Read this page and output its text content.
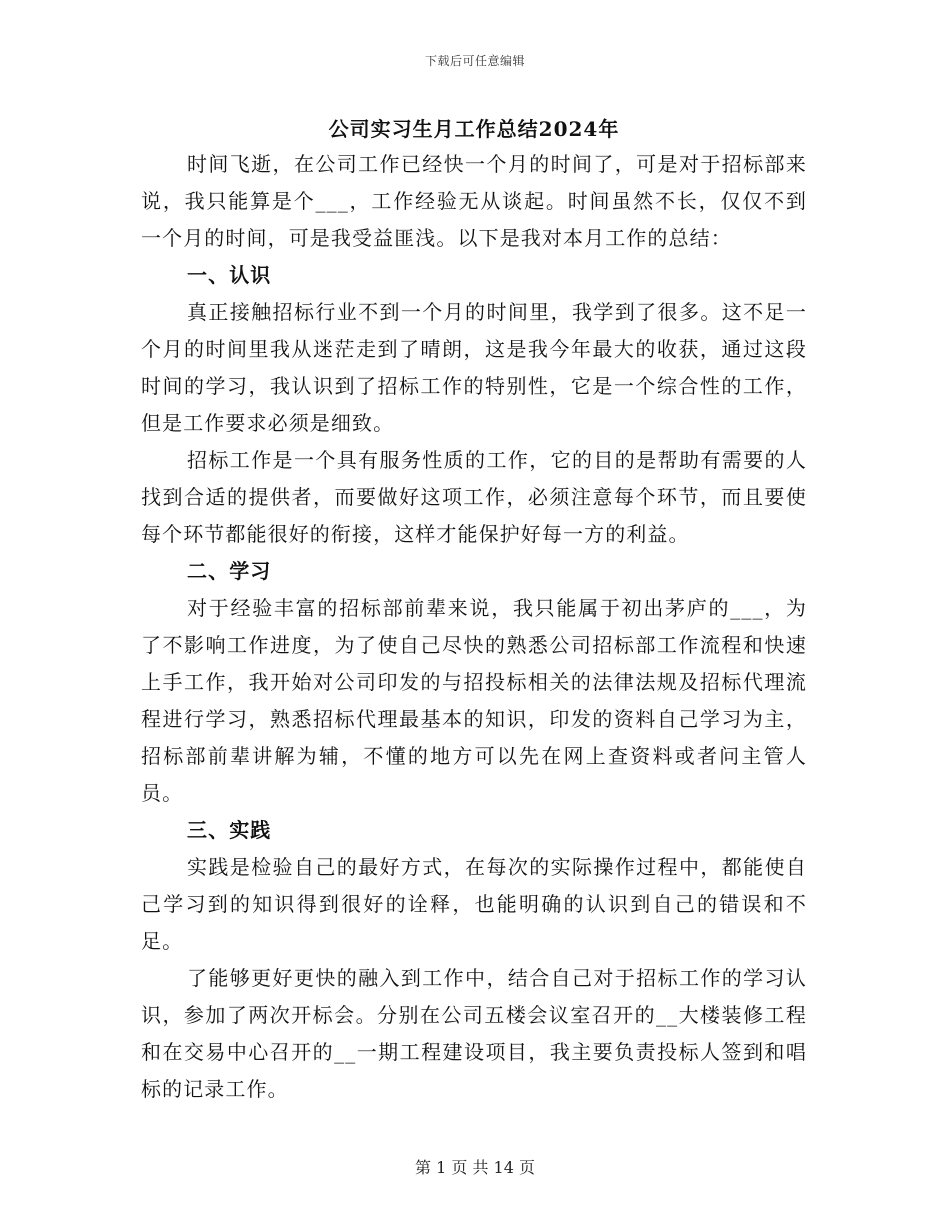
下载后可任意编辑
公司实习生月工作总结2024年

时间飞逝，在公司工作已经快一个月的时间了，可是对于招标部来说，我只能算是个___，工作经验无从谈起。时间虽然不长，仅仅不到一个月的时间，可是我受益匪浅。以下是我对本月工作的总结：

一、认识

真正接触招标行业不到一个月的时间里，我学到了很多。这不足一个月的时间里我从迷茫走到了晴朗，这是我今年最大的收获，通过这段时间的学习，我认识到了招标工作的特别性，它是一个综合性的工作，但是工作要求必须是细致。

招标工作是一个具有服务性质的工作，它的目的是帮助有需要的人找到合适的提供者，而要做好这项工作，必须注意每个环节，而且要使每个环节都能很好的衔接，这样才能保护好每一方的利益。

二、学习

对于经验丰富的招标部前辈来说，我只能属于初出茅庐的___，为了不影响工作进度，为了使自己尽快的熟悉公司招标部工作流程和快速上手工作，我开始对公司印发的与招投标相关的法律法规及招标代理流程进行学习，熟悉招标代理最基本的知识，印发的资料自己学习为主，招标部前辈讲解为辅，不懂的地方可以先在网上查资料或者问主管人员。

三、实践

实践是检验自己的最好方式，在每次的实际操作过程中，都能使自己学习到的知识得到很好的诠释，也能明确的认识到自己的错误和不足。

了能够更好更快的融入到工作中，结合自己对于招标工作的学习认识，参加了两次开标会。分别在公司五楼会议室召开的__大楼装修工程和在交易中心召开的__一期工程建设项目，我主要负责投标人签到和唱标的记录工作。

第 1 页 共 14 页
